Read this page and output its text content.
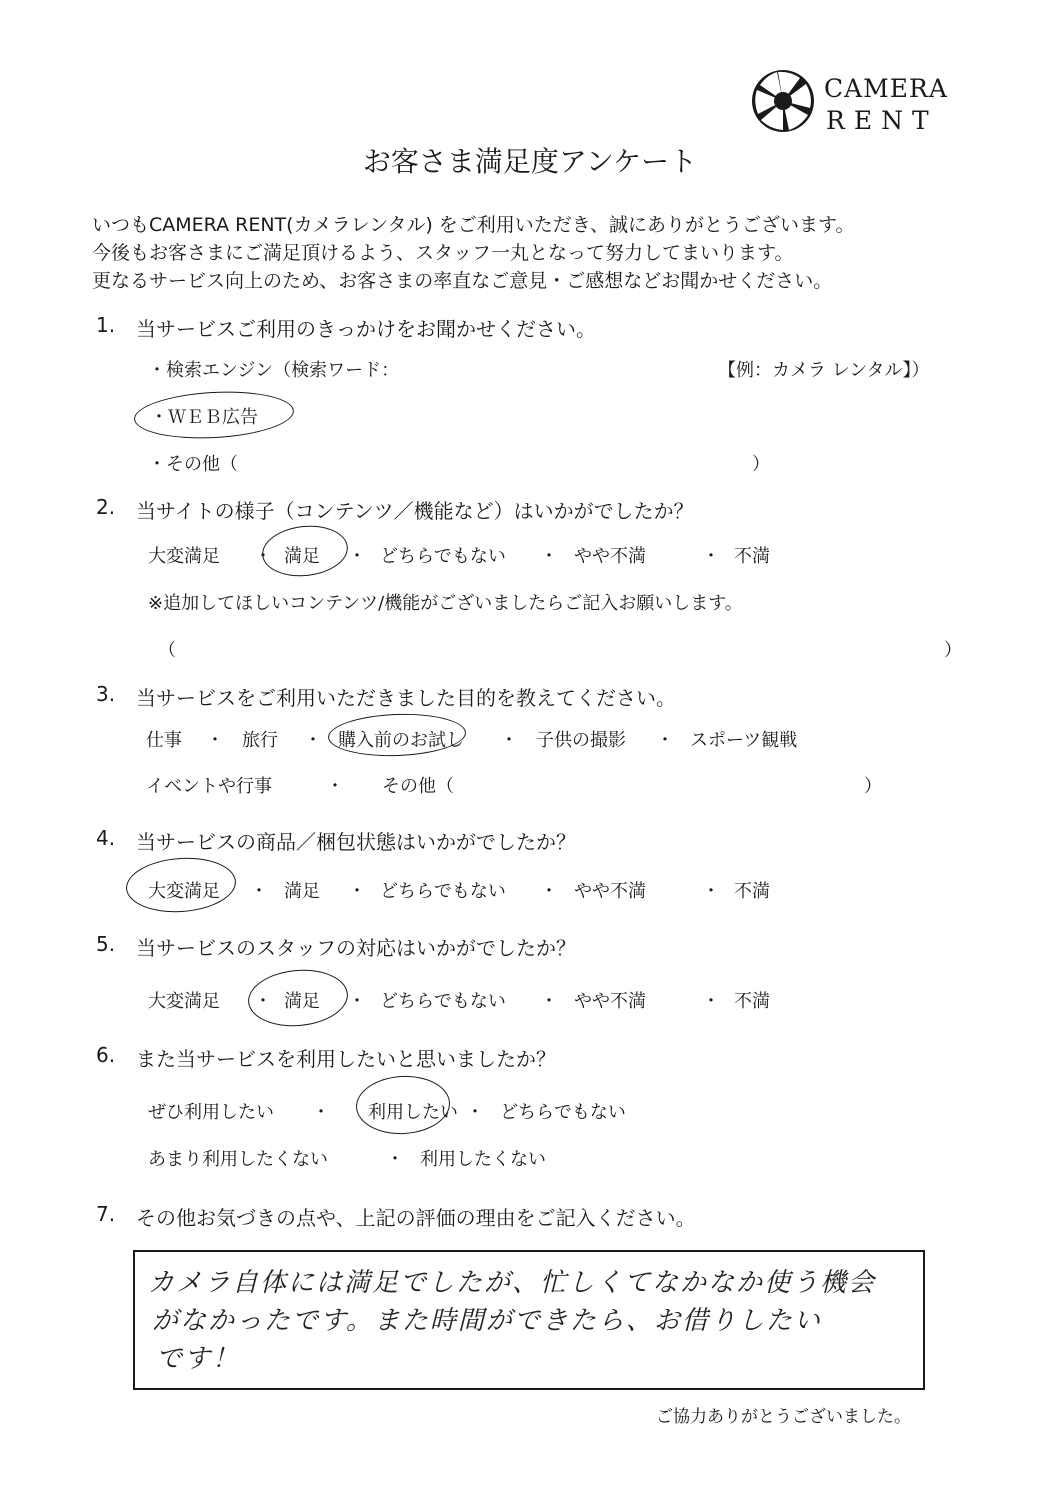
CAMERA
RENT
お客さま満足度アンケート
いつもCAMERA RENT(カメラレンタル) をご利用いただき、誠にありがとうございます。
今後もお客さまにご満足頂けるよう、スタッフ一丸となって努力してまいります。
更なるサービス向上のため、お客さまの率直なご意見・ご感想などお聞かせください。
1. 当サービスご利用のきっかけをお聞かせください。
・検索エンジン（検索ワード：	【例：カメラ レンタル】）
・ＷＥＢ広告
・その他（	）
2. 当サイトの様子（コンテンツ／機能など）はいかがでしたか？
大変満足 ・ 満足 ・ どちらでもない ・ やや不満	・ 不満
※追加してほしいコンテンツ/機能がございましたらご記入お願いします。
（	）
3. 当サービスをご利用いただきました目的を教えてください。
仕事 ・ 旅行 ・ 購入前のお試し ・ 子供の撮影 ・ スポーツ観戦
イベントや行事	・ その他（	）
4. 当サービスの商品／梱包状態はいかがでしたか？
大変満足 ・ 満足 ・ どちらでもない ・ やや不満	・ 不満
5. 当サービスのスタッフの対応はいかがでしたか？
大変満足 ・ 満足 ・ どちらでもない ・ やや不満	・ 不満
6. また当サービスを利用したいと思いましたか？
ぜひ利用したい ・ 利用したい ・ どちらでもない
あまり利用したくない	・ 利用したくない
7. その他お気づきの点や、上記の評価の理由をご記入ください。
カメラ自体には満足でしたが、忙しくてなかなか使う機会
がなかったです。また時間ができたら、お借りしたい
です！
ご協力ありがとうございました。
